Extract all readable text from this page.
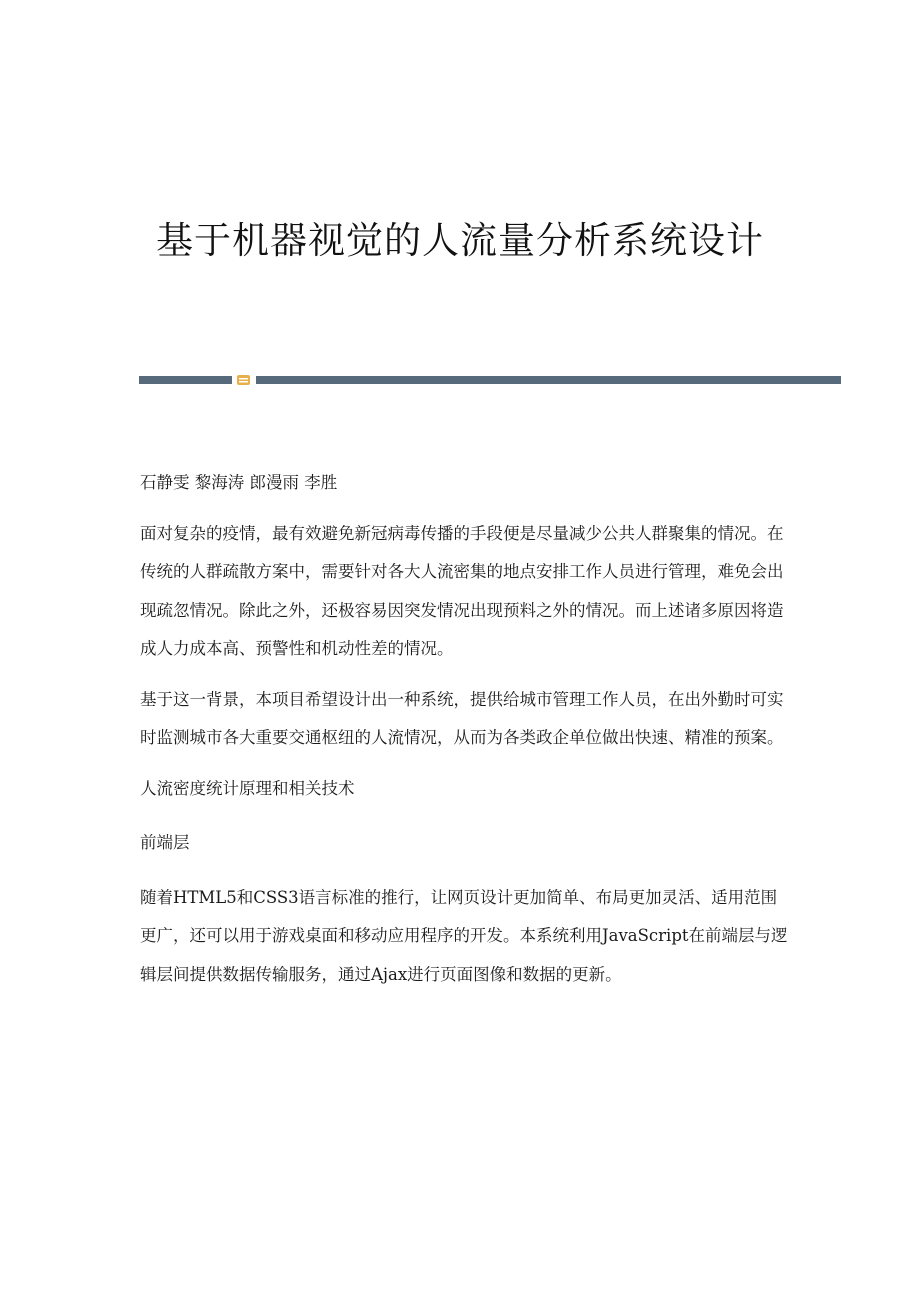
基于机器视觉的人流量分析系统设计

石静雯 黎海涛 郎漫雨 李胜

面对复杂的疫情，最有效避免新冠病毒传播的手段便是尽量减少公共人群聚集的情况。在传统的人群疏散方案中，需要针对各大人流密集的地点安排工作人员进行管理，难免会出现疏忽情况。除此之外，还极容易因突发情况出现预料之外的情况。而上述诸多原因将造成人力成本高、预警性和机动性差的情况。

基于这一背景，本项目希望设计出一种系统，提供给城市管理工作人员，在出外勤时可实时监测城市各大重要交通枢纽的人流情况，从而为各类政企单位做出快速、精准的预案。

人流密度统计原理和相关技术

前端层

随着HTML5和CSS3语言标准的推行，让网页设计更加简单、布局更加灵活、适用范围更广，还可以用于游戏桌面和移动应用程序的开发。本系统利用JavaScript在前端层与逻辑层间提供数据传输服务，通过Ajax进行页面图像和数据的更新。
